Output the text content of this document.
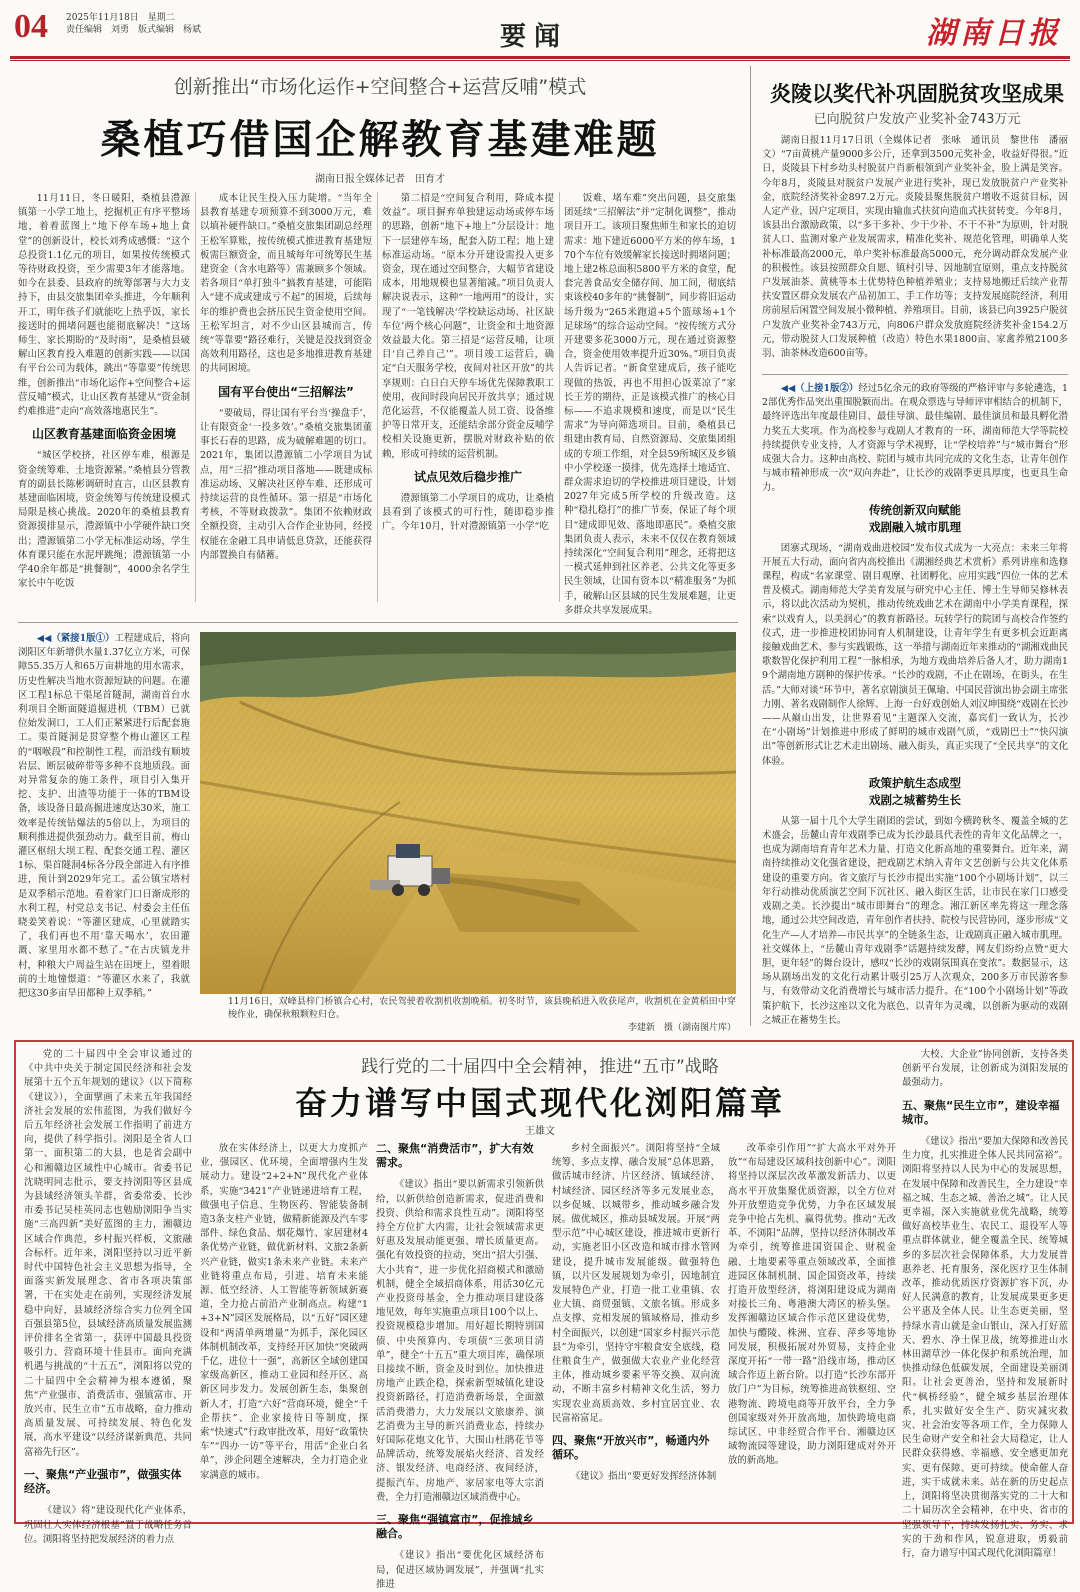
04 2025年11月18日　星期二
责任编辑　刘勇　版式编辑　杨斌	要闻	湖南日报
创新推出“市场化运作+空间整合+运营反哺”模式
桑植巧借国企解教育基建难题
湖南日报全媒体记者　田育才

11月11日，冬日暖阳，桑植县澧源镇第一小学工地上，挖掘机正有序平整场地，着着蓝图上“地下停车场+地上食堂”的创新设计，校长刘秀成感慨：“这个总投资1.1亿元的项目，如果按传统模式等待财政投资，至少需要3年才能落地。如今在县委、县政府的统筹部署与大力支持下，由县交旅集团牵头推进，今年顺利开工，明年孩子们就能吃上热乎饭，家长接送时的拥堵问题也能彻底解决！”这场师生、家长期盼的“及时雨”，是桑植县破解山区教育投入难题的创新实践——以国有平台公司为载体，跳出“等靠要”传统思维，创新推出“市场化运作+空间整合+运营反哺”模式，让山区教育基建从“资金制约难推进”走向“高效落地惠民生”。

山区教育基建面临资金困境

“城区学校挤，社区停车难，根源是资金统筹难、土地资源紧。”桑植县分管教育的副县长陈彬调研时直言，山区县教育基建面临困境，资金统筹与传统建设模式局限是核心挑战。2020年的桑植县教育资源摸排显示，澧源镇中小学硬件缺口突出；澧源镇第二小学无标准运动场，学生体育课只能在水泥坪跳绳；澧源镇第一小学40余年都是“挑餐制”，4000余名学生家长中午吃饭

成本让民生投入压力陡增。“当年全县教育基建专项预算不到3000万元，难以填补硬件缺口。”桑植交旅集团副总经理王松军算账，按传统模式推进教育基建短板需巨额资金，而且城每年可统筹民生基建资金（含水电路等）需兼顾多个领域。若各项目“单打独斗”搞教育基建，可能陷入“建不成或建成亏不起”的困境，后续每年的维护费也会挤压民生资金使用空间。王松军坦言，对不少山区县城而言，传统“等靠要”路径难行，关键是没找到资金高效利用路径，这也是多地推进教育基建的共同困境。

国有平台使出“三招解法”

“要破局，得让国有平台当‘操盘手’，让有限资金‘一投多效’。”桑植交旅集团董事长石春的思路，成为破解难题的切口。2021年，集团以澧源镇二小学项目为试点，用“三招”推动项目落地——既建成标准运动场、又解决社区停车难、还形成可持续运营的良性循环。第一招是“市场化考核，不等财政拨款”。集团不依赖财政全额投资，主动引入合作企业协同，经授权能在金融工具申请低息贷款，还能获得内部置换自有储蓄。

第二招是“空间复合利用，降成本提效益”。项目摒弃单独建运动场或停车场的思路，创新“地下+地上”分层设计：地下一层建停车场，配套入防工程；地上建标准运动场。“原本分开建设需投入更多资金，现在通过空间整合，大幅节省建设成本，用地规模也显著缩减。”项目负责人解决说表示，这种“一地两用”的设计，实现了“一笔钱解决‘学校缺运动场、社区缺车位’两个核心问题”，让资金和土地资源效益最大化。第三招是“运营反哺，让项目‘自己养自己’”。项目竣工运营后，确定“白天服务学校，夜间对社区开放”的共享规则：白日白天停车场优先保障教职工使用，夜间时段向居民开放共享；通过规范化运营，不仅能覆盖人员工资、设备维护等日常开支，还能结余部分资金反哺学校相关设施更新，摆脱对财政补贴的依赖，形成可持续的运营机制。

试点见效后稳步推广

澧源镇第二小学项目的成功，让桑植县看到了该模式的可行性，随即稳步推广。今年10月，针对澧源镇第一小学“吃

饭难、堵车难”突出问题，县交旅集团延续“三招解法”并“定制化调整”，推动项目开工。该项目聚焦师生和家长的迫切需求：地下建近6000平方米的停车场，170个车位有效缓解家长接送时拥堵问题；地上建2栋总面积5800平方米的食堂，配套完善食品安全储存间、加工间，彻底结束该校40多年的“挑餐制”，同步将旧运动场升级为“265米跑道+5个篮球场+1个足球场”的综合运动空间。“按传统方式分开建要多花3000万元，现在通过资源整合，资金使用效率提升近30%。”项目负责人告诉记者。“新食堂建成后，孩子能吃现做的热饭，再也不用担心饭菜凉了”家长王芳的期待，正是该模式推广的核心目标——不追求规模和速度，而是以“民生需求”为导向筛选项目。目前，桑植县已组建由教育局、自然资源局、交旅集团组成的专项工作组，对全县59所城区及乡镇中小学校逐一摸排，优先选择土地适宜、群众需求迫切的学校推进项目建设，计划2027年完成5所学校的升级改造。这种“稳扎稳打”的推广节奏，保证了每个项目“建成即见效、落地即惠民”。桑植交旅集团负责人表示，未来不仅仅在教育领域持续深化“空间复合利用”理念，还将把这一模式延伸到社区养老、公共文化等更多民生领域，让国有资本以“精准服务”为抓手，破解山区县域的民生发展难题，让更多群众共享发展成果。

炎陵以奖代补巩固脱贫攻坚成果
已向脱贫户发放产业奖补金743万元

湖南日报11月17日讯（全媒体记者　张咏　通讯员　黎世伟　潘丽文）“7亩黄桃产量9000多公斤，还拿到3500元奖补金，收益好得很。”近日，炎陵县下村乡幼头村脱贫户肖新根领到产业奖补金，脸上满是笑容。今年8月，炎陵县对脱贫户发展产业进行奖补，现已发放脱贫户产业奖补金，底院经济奖补金897.2万元。炎陵县聚焦脱贫户增收不返贫目标，因人定产业，因户定项目，实现由输血式扶贫向造血式扶贫转变。今年8月，该县出台激励政策，以“多干多补、少干少补、不干不补”为原则，针对脱贫人口、监测对象产业发展需求，精准化奖补、规范化管理，明确单人奖补标准最高2000元，单户奖补标准最高5000元，充分调动群众发展产业的积极性。该县按照群众自愿、镇村引导、因地制宜原则，重点支持脱贫户发展油茶、黄桃等本土优势特色种植养殖业；支持易地搬迁后续产业帮扶安置区群众发展农产品初加工、手工作坊等；支持发展庭院经济，利用房前屋后闲置空间发展小微种植、养殖项目。目前，该县已向3925户脱贫户发放产业奖补金743万元，向806户群众发放庭院经济奖补金154.2万元，带动脱贫人口发展种植（改造）特色水果1800亩、家禽养殖2100多羽、油茶林改造600亩等。

◀◀（上接1版②）经过5亿余元的政府等级的严格评审与多轮遴选，12部优秀作品突出重围脱颖而出。在观众票选与导师评审相结合的机制下，最终评选出年度最佳剧目、最佳导演、最佳编剧、最佳演员和最具孵化潜力奖五大奖项。作为高校参与戏剧人才教育的一环，湖南师范大学等院校持续提供专业支持，人才资源与学术视野，让“学校培养”与“城市舞台”形成强大合力。这种由高校、院团与城市共同完成的文化生态，让青年创作与城市精神形成一次“双向奔赴”，让长沙的戏剧季更具厚度，也更具生命力。

传统创新双向赋能
戏剧融入城市肌理

团寨式现场，“湖南戏曲进校园”发布仪式成为一大亮点：未来三年将开展五大行动，面向省内高校推出《湖湘经典艺术赏析》系列讲座和选修课程，构成“名家课堂、剧目观摩、社团孵化、应用实践”四位一体的艺术普及模式。湖南师范大学美育发展与研究中心主任、博士生导师吴修林表示，将以此次活动为契机，推动传统戏曲艺术在湖南中小学美育课程，探索“以戏育人，以美润心”的教育新路径。玩转学行的院团与高校合作签约仪式，进一步推进校团协同育人机制建设，让青年学生有更多机会近距离接触戏曲艺术、参与实践锻炼，这一举措与湖南近年来推动的“湖湘戏曲民歌数智化保护利用工程”一脉相承，为地方戏曲培养后备人才，助力湖南19个湖南地方剧种的保护传承。“长沙的戏剧，不止在剧场，在街头，在生活。”大师对谈“环节中，著名京剧演员王佩瑜、中国民营演出协会副主席张力刚、著名戏剧制作人徐辉、上海一台好戏创始人刘汉坤围绕“戏剧在长沙——从巅山出发，让世界看见”主题深入交流，嘉宾们一致认为，长沙在“小剧场”计划推进中形成了鲜明的城市戏剧气质，“戏剧巴士”“快闪演出”等创新形式让艺术走出剧场、融入街头，真正实现了“全民共享”的文化体验。

政策护航生态成型
戏剧之城蓄势生长

从第一届十几个大学生剧团的尝试，到如今横跨秋冬、覆盖全城的艺术盛会，岳麓山青年戏剧季已成为长沙最具代表性的青年文化品牌之一，也成为湖南培育青年艺术力量、打造文化新高地的重要舞台。近年来，湖南持续推动文化强省建设，把戏剧艺术纳入青年文艺创新与公共文化体系建设的重要方向。省文旅厅与长沙市提出实施“100个小剧场计划”，以三年行动推动优质演艺空间下沉社区、融入街区生活，让市民在家门口感受戏剧之美。长沙提出“城市即舞台”的理念。湘江新区率先将这一理念落地，通过公共空间改造，青年创作者扶持、院校与民营协同，逐步形成“文化生产—人才培养—市民共享”的全链条生态，让戏剧真正融入城市肌理。社交媒体上，“岳麓山青年戏剧季”话题持续发酵，网友们纷纷点赞“更大胆，更年轻”的舞台设计，感叹“长沙的戏剧氛围真在变浓”。数据显示，这场从剧场出发的文化行动累计吸引25万人次观众，200多万市民游客参与，有效带动文化消费增长与城市活力提升。在“100个小剧场计划”等政策护航下，长沙这座以文化为底色、以青年为灵魂，以创新为驱动的戏剧之城正在蓄势生长。

◀◀（紧接1版①）工程建成后，将向浏阳区年新增供水量1.37亿立方米，可保障55.35万人和65万亩耕地的用水需求，历史性解决当地水资源短缺的问题。在灌区工程1标总干渠尾首隧洞，湖南首台水利项目全断面隧道掘进机（TBM）已就位始发洞口，工人们正紧紧进行后配套施工。渠首隧洞是贯穿整个梅山灌区工程的“咽喉段”和控制性工程，而沿线有顺坡岩层、断层破碎带等多种不良地质段。面对异常复杂的施工条件，项目引入集开挖、支护、出渣等功能于一体的TBM设备，该设备日最高掘进速度达30米，施工效率是传统钻爆法的5倍以上，为项目的顺利推进提供强劲动力。截至目前，梅山灌区枢纽大坝工程、配套交通工程、灌区1标、渠首隧洞4标各分段全部进入有序推进，预计到2029年完工。孟公镇宝塔村是双季稻示范地。看着家门口日渐成形的水利工程，村党总支书记、村委会主任伍晓姜笑着说：“等灌区建成，心里就踏实了，我们再也不用‘靠天喝水’，农田灌溉、家里用水都不愁了。”在古庆镇龙井村，种粮大户周益生站在田埂上，望着眼前的土地憧憬道：“等灌区水来了，我就把这30多亩旱田都种上双季稻。”

11月16日，双峰县梓门桥镇合心村，农民驾驶着收割机收割晚稻。初冬时节，该县晚稻进入收获尾声，收割机在金黄稻田中穿梭作业，确保秋粮颗粒归仓。
李建新　摄（湖南图片库）
践行党的二十届四中全会精神，推进“五市”战略
奋力谱写中国式现代化浏阳篇章
王雄文

党的二十届四中全会审议通过的《中共中央关于制定国民经济和社会发展第十五个五年规划的建议》（以下简称《建议》），全面擘画了未来五年我国经济社会发展的宏伟蓝图，为我们做好今后五年经济社会发展工作指明了前进方向，提供了科学指引。浏阳是全省人口第一、面积第二的大县，也是省会副中心和湘赣边区域性中心城市。省委书记沈晓明同志批示，要支持浏阳等区县成为县域经济领头羊群，省委常委、长沙市委书记吴桂英同志也勉励浏阳争当实施“三高四新”美好蓝图的主力，湘赣边区域合作典范，乡村振兴样板，文旅融合标杆。近年来，浏阳坚持以习近平新时代中国特色社会主义思想为指导，全面落实新发展理念、省市各项决策部署，干在实处走在前列，实现经济发展稳中向好，县域经济综合实力位列全国百强县第5位，县域经济高质量发展监测评价排名全省第一，获评中国最具投资吸引力、营商环境十佳县市。面向充满机遇与挑战的“十五五”，浏阳将以党的二十届四中全会精神为根本遵循，聚焦“产业强市、消费活市、强镇富市、开放兴市、民生立市”五市战略，奋力推动高质量发展、可持续发展、特色化发展，高水平建设“以经济谋新典范、共同富裕先行区”。

一、聚焦“产业强市”，做强实体经济。

《建议》将“建设现代化产业体系，巩固壮大实体经济根基”置于战略任务首位。浏阳将坚持把发展经济的着力点

放在实体经济上，以更大力度抓产业，强园区、优环境，全面增强内生发展动力。建设“2+2+N”现代化产业体系，实施“3421”产业链递进培育工程，做强电子信息、生物医药、智能装备制造3条支柱产业链，做精新能源及汽车零部件、绿色食品、烟花爆竹、家居建材4条优势产业链，做优新材料、文旅2条新兴产业链，做实1条未来产业链。未来产业链将重点布局，引进、培育未来能源、低空经济、人工智能等新领域新赛道，全力抢占前沿产业制高点。构建“1+3+N”园区发展格局，以“五好”园区建设和“两清单两增量”为抓手，深化园区体制机制改革，支持经开区加快“突破两千亿，进位十一强”，高新区全域创建国家级高新区，推动工业园和经开区、高新区同步发力。发展创新生态，集聚创新人才，打造“六好”营商环境，健全“千企帮扶”、企业家接待日等制度，探索“快速式”行政审批改革，用好“政策快车”“四办一访”等平台，用活“企业白名单”，涉企问题全速解决，全力打造企业家满意的城市。

二、聚焦“消费活市”，扩大有效需求。

《建议》指出“要以新需求引领新供给，以新供给创造新需求，促进消费和投资、供给和需求良性互动”。浏阳将坚持全方位扩大内需，让社会领域需求更好惠及发展动能更强、增长质量更高。强化有效投资的拉动，突出“招大引强、大小共育”，进一步优化招商模式和激励机制，健全全域招商体系，用活30亿元产业投资母基金，全力推动项目建设落地见效，每年实施重点项目100个以上、投资规模稳步增加。用好超长期特别国债、中央预算内、专项债“三张项目清单”，健全“十五五”重大项目库，确保项目接续不断，资金及时到位。加快推进房地产止跌企稳，探索新型城镇化建设投资新路径，打造消费新场景，全面激活消费潜力，大力发展以文旅康养、演艺消费为主导的新兴消费业态，持续办好国际花炮文化节、大围山杜鹃花节等品牌活动，统筹发展焰火经济、首发经济、银发经济、电商经济、夜间经济，提振汽车、房地产、家居家电等大宗消费，全力打造湘赣边区域消费中心。

三、聚焦“强镇富市”，促推城乡融合。

《建议》指出“要优化区域经济布局，促进区域协调发展”，并强调“扎实推进

乡村全面振兴”。浏阳将坚持“全域统筹、多点支撑、融合发展”总体思路，做活城市经济、片区经济、镇域经济、村域经济、园区经济等多元发展业态，以乡促城、以城带乡，推动城乡融合发展。做优城区，推动县城发展。开展“两型示范”中心城区建设，推进城市更新行动，实施老旧小区改造和城市排水管网建设，提升城市发展能级。做强特色镇，以片区发展规划为牵引，因地制宜发展特色产业，打造一批工业重镇、农业大镇、商贸强镇、文旅名镇。形成多点支撑、竞相发展的镇域格局，推动乡村全面振兴，以创建“国家乡村振兴示范县”为牵引，坚持守牢粮食安全底线，稳住粮食生产，做强做大农业产业化经营主体，推动城乡要素平等交换、双向流动，不断丰富乡村精神文化生活，努力实现农业高质高效、乡村宜居宜业、农民富裕富足。

四、聚焦“开放兴市”，畅通内外循环。

《建议》指出“要更好发挥经济体制

改革牵引作用”“扩大高水平对外开放”“布局建设区域科技创新中心”。浏阳将坚持以深层次改革激发新活力、以更高水平开放集聚优质资源，以全方位对外开放塑造竞争优势，力争在区域发展竞争中抢占先机、赢得优势。推动“无改革、不浏阳”品牌，坚持以经济体制改革为牵引，统筹推进国资国企、财税金融、土地要素等重点领域改革，全面推进园区体制机制、国企国资改革，持续打造开放型经济，将浏阳建设成为湖南对接长三角、粤港澳大湾区的桥头堡。发挥湘赣边区域合作示范区建设优势，加快与醴陵、株洲、宜春、萍乡等地协同发展，积极拓展对外贸易，支持企业深度开拓“一带一路”沿线市场，推动区域合作迈上新台阶。以打造“长沙东部开放门户”为目标，统筹推进高铁枢纽、空港物流、跨境电商等开放平台，全力争创国家级对外开放高地，加快跨境电商综试区、中非经贸合作平台、湘赣边区域物流园等建设，助力浏阳建成对外开放的新高地。

大校、大企业”协同创新，支持各类创新平台发展，让创新成为浏阳发展的最强动力。

五、聚焦“民生立市”，建设幸福城市。

《建议》指出“要加大保障和改善民生力度，扎实推进全体人民共同富裕”。浏阳将坚持以人民为中心的发展思想，在发展中保障和改善民生，全力建设“幸福之城、生态之城、善治之城”。让人民更幸福，深入实施就业优先战略，统筹做好高校毕业生、农民工、退役军人等重点群体就业，健全覆盖全民、统筹城乡的多层次社会保障体系，大力发展普惠养老、托育服务，深化医疗卫生体制改革，推动优质医疗资源扩容下沉，办好人民满意的教育，让发展成果更多更公平惠及全体人民。让生态更美丽，坚持绿水青山就是金山银山，深入打好蓝天、碧水、净土保卫战，统筹推进山水林田湖草沙一体化保护和系统治理，加快推动绿色低碳发展，全面建设美丽浏阳。让社会更善治，坚持和发展新时代“枫桥经验”，健全城乡基层治理体系，扎实做好安全生产、防灾减灾救灾、社会治安等各项工作，全力保障人民生命财产安全和社会大局稳定，让人民群众获得感、幸福感、安全感更加充实、更有保障、更可持续。使命催人奋进，实干成就未来。站在新的历史起点上，浏阳将坚决贯彻落实党的二十大和二十届历次全会精神，在中央、省市的坚强领导下，持续发扬扎实、务实、求实的干劲和作风，锐意进取，勇毅前行，奋力谱写中国式现代化浏阳篇章！
